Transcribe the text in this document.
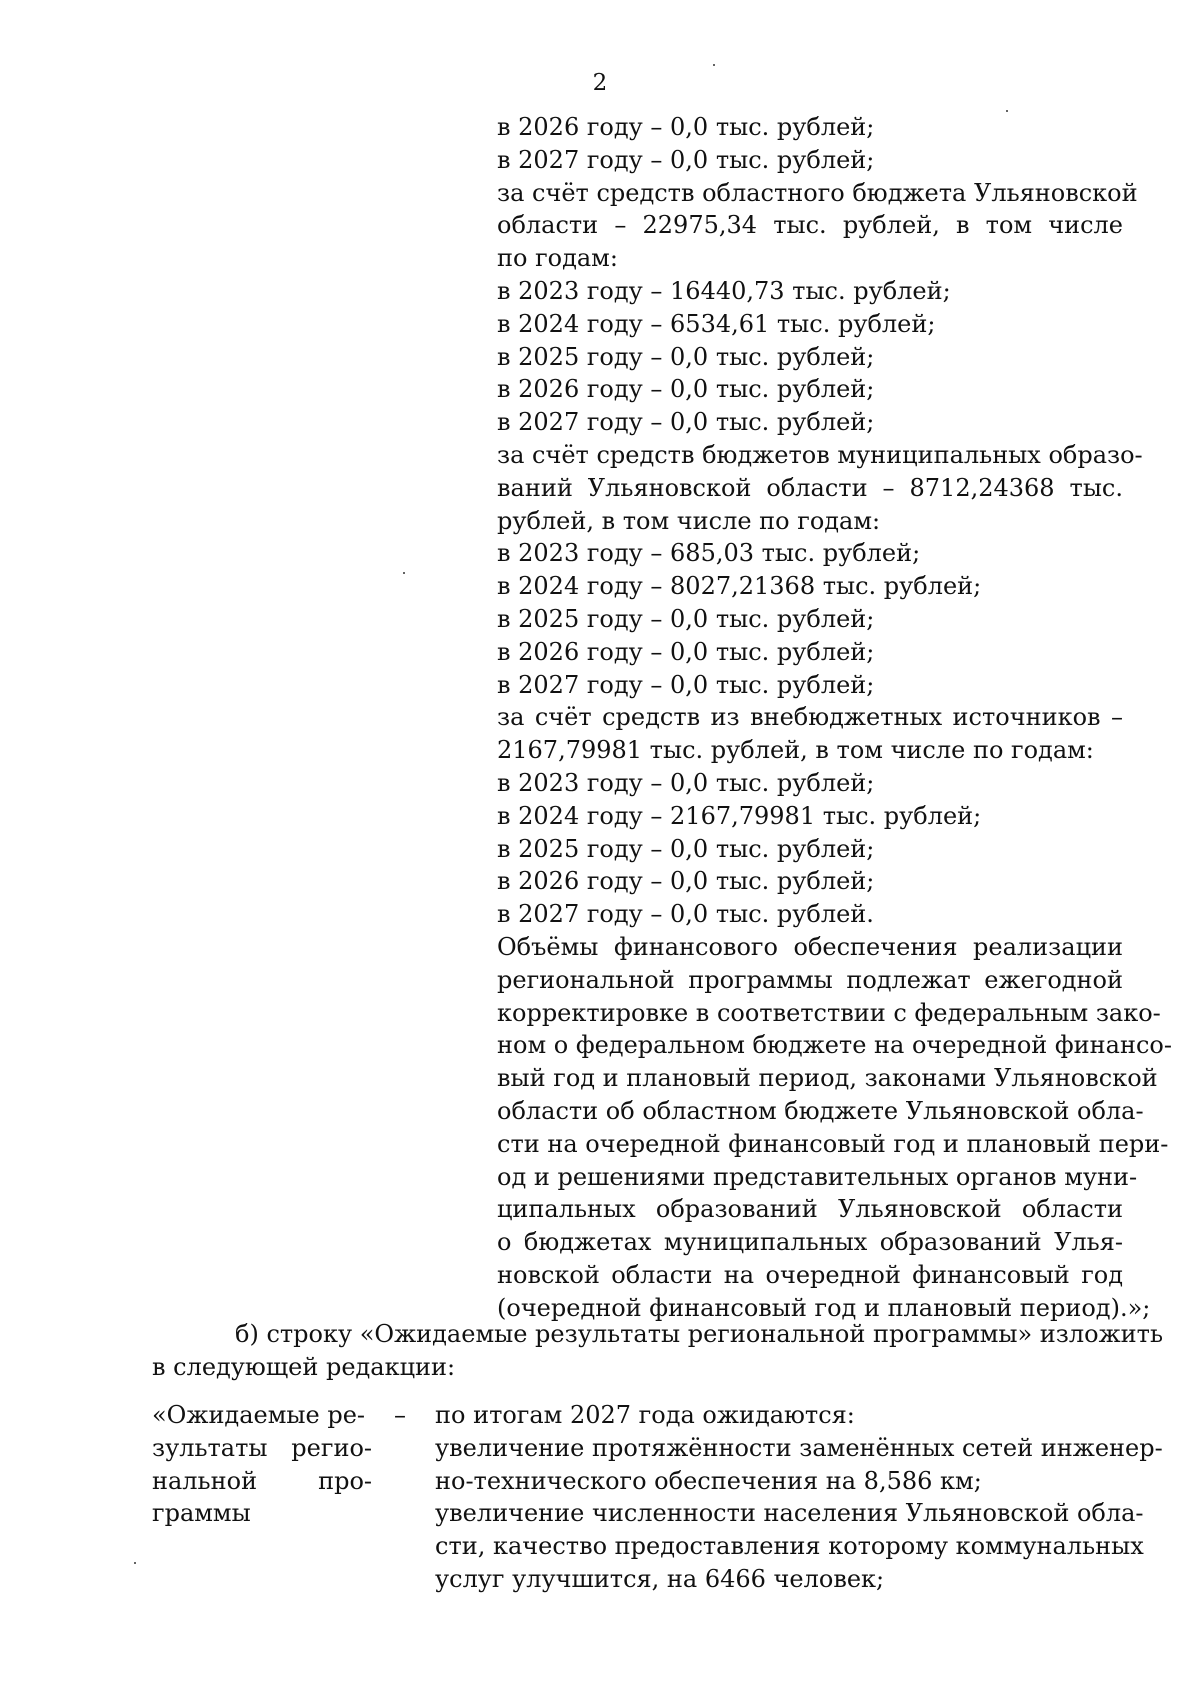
2
в 2026 году – 0,0 тыс. рублей;
в 2027 году – 0,0 тыс. рублей;
за счёт средств областного бюджета Ульяновской
области – 22975,34 тыс. рублей, в том числе
по годам:
в 2023 году – 16440,73 тыс. рублей;
в 2024 году – 6534,61 тыс. рублей;
в 2025 году – 0,0 тыс. рублей;
в 2026 году – 0,0 тыс. рублей;
в 2027 году – 0,0 тыс. рублей;
за счёт средств бюджетов муниципальных образо-
ваний Ульяновской области – 8712,24368 тыс.
рублей, в том числе по годам:
в 2023 году – 685,03 тыс. рублей;
в 2024 году – 8027,21368 тыс. рублей;
в 2025 году – 0,0 тыс. рублей;
в 2026 году – 0,0 тыс. рублей;
в 2027 году – 0,0 тыс. рублей;
за счёт средств из внебюджетных источников –
2167,79981 тыс. рублей, в том числе по годам:
в 2023 году – 0,0 тыс. рублей;
в 2024 году – 2167,79981 тыс. рублей;
в 2025 году – 0,0 тыс. рублей;
в 2026 году – 0,0 тыс. рублей;
в 2027 году – 0,0 тыс. рублей.
Объёмы финансового обеспечения реализации
региональной программы подлежат ежегодной
корректировке в соответствии с федеральным зако-
ном о федеральном бюджете на очередной финансо-
вый год и плановый период, законами Ульяновской
области об областном бюджете Ульяновской обла-
сти на очередной финансовый год и плановый пери-
од и решениями представительных органов муни-
ципальных образований Ульяновской области
о бюджетах муниципальных образований Улья-
новской области на очередной финансовый год
(очередной финансовый год и плановый период).»;
б) строку «Ожидаемые результаты региональной программы» изложить
в следующей редакции:
«Ожидаемые ре-
зультаты регио-
нальной про-
граммы
– по итогам 2027 года ожидаются:
увеличение протяжённости заменённых сетей инженер-
но-технического обеспечения на 8,586 км;
увеличение численности населения Ульяновской обла-
сти, качество предоставления которому коммунальных
услуг улучшится, на 6466 человек;
